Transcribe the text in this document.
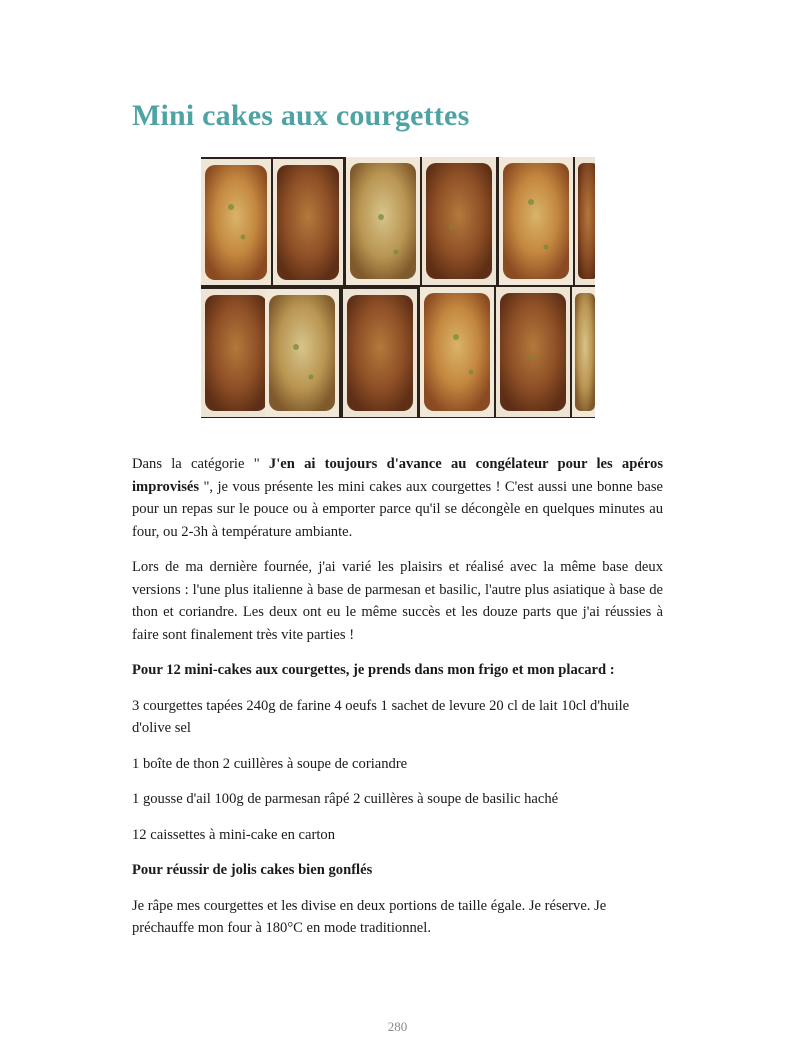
Mini cakes aux courgettes

Dans la catégorie " J'en ai toujours d'avance au congélateur pour les apéros improvisés ", je vous présente les mini cakes aux courgettes ! C'est aussi une bonne base pour un repas sur le pouce ou à emporter parce qu'il se décongèle en quelques minutes au four, ou 2-3h à température ambiante.

Lors de ma dernière fournée, j'ai varié les plaisirs et réalisé avec la même base deux versions : l'une plus italienne à base de parmesan et basilic, l'autre plus asiatique à base de thon et coriandre. Les deux ont eu le même succès et les douze parts que j'ai réussies à faire sont finalement très vite parties !

Pour 12 mini-cakes aux courgettes, je prends dans mon frigo et mon placard :

3 courgettes tapées 240g de farine 4 oeufs 1 sachet de levure 20 cl de lait 10cl d'huile d'olive sel

1 boîte de thon 2 cuillères à soupe de coriandre

1 gousse d'ail 100g de parmesan râpé 2 cuillères à soupe de basilic haché

12 caissettes à mini-cake en carton

Pour réussir de jolis cakes bien gonflés

Je râpe mes courgettes et les divise en deux portions de taille égale. Je réserve. Je préchauffe mon four à 180°C en mode traditionnel.

280
